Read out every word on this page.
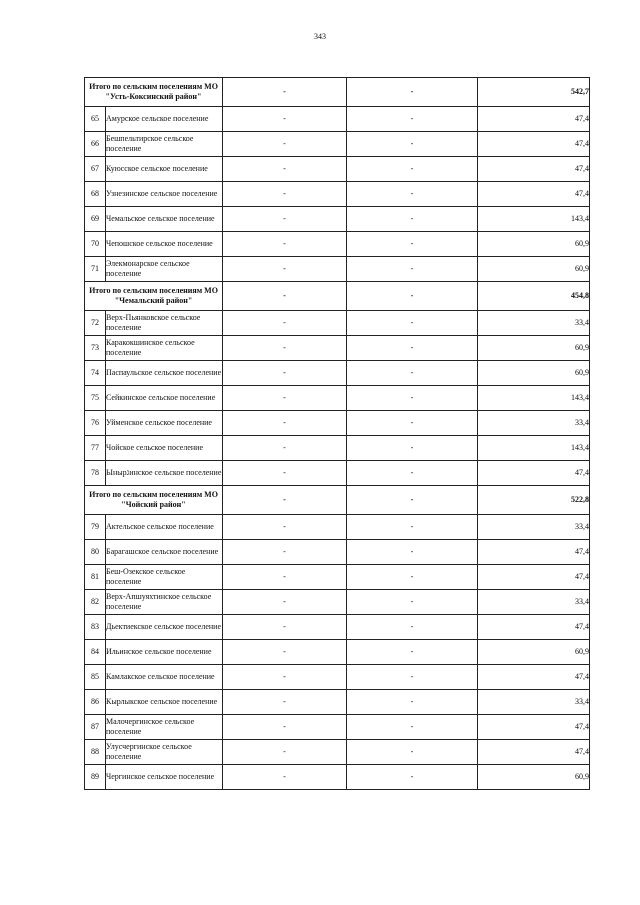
343
Итого по сельским поселениям МО "Усть-Коксинский район"		-	-	542,7
65	Амурское сельское поселение	-	-	47,4
66	Бешпельтирское сельское поселение	-	-	47,4
67	Куюсское сельское поселение	-	-	47,4
68	Узнезинское сельское поселение	-	-	47,4
69	Чемальское сельское поселение	-	-	143,4
70	Чепошское сельское поселение	-	-	60,9
71	Элекмонарское сельское поселение	-	-	60,9
Итого по сельским поселениям МО "Чемальский район"		-	-	454,8
72	Верх-Пьянковское сельское поселение	-	-	33,4
73	Каракокшинское сельское поселение	-	-	60,9
74	Паспаульское сельское поселение	-	-	60,9
75	Сейкинское сельское поселение	-	-	143,4
76	Уйменское сельское поселение	-	-	33,4
77	Чойское сельское поселение	-	-	143,4
78	Ынырגинское сельское поселение	-	-	47,4
Итого по сельским поселениям МО "Чойский район"		-	-	522,8
79	Актельское сельское поселение	-	-	33,4
80	Барагашское сельское поселение	-	-	47,4
81	Беш-Озекское сельское поселение	-	-	47,4
82	Верх-Апшуяхтинское сельское поселение	-	-	33,4
83	Дьектиекское сельское поселение	-	-	47,4
84	Ильинское сельское поселение	-	-	60,9
85	Камлакское сельское поселение	-	-	47,4
86	Кырлыкское сельское поселение	-	-	33,4
87	Малочергинское сельское поселение	-	-	47,4
88	Улусчергинское сельское поселение	-	-	47,4
89	Чергинское сельское поселение	-	-	60,9
